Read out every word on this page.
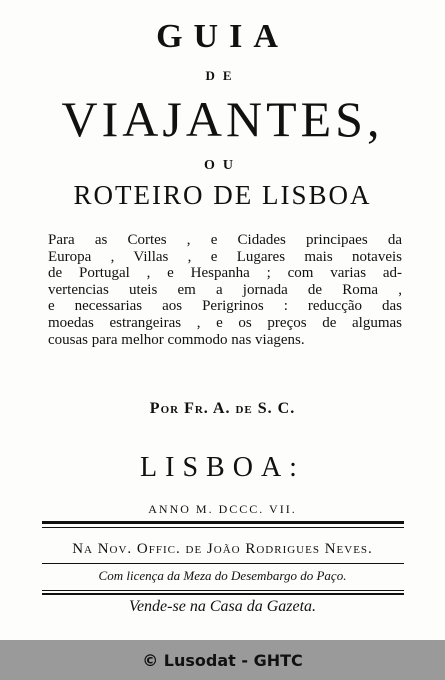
GUIA
DE
VIAJANTES,
OU
ROTEIRO DE LISBOA
Para as Cortes , e Cidades principaes da
Europa , Villas , e Lugares mais notaveis
de Portugal , e Hespanha ; com varias ad-
vertencias uteis em a jornada de Roma ,
e necessarias aos Perigrinos : reducção das
moedas estrangeiras , e os preços de algumas
cousas para melhor commodo nas viagens.
Por Fr. A. de S. C.
LISBOA:
ANNO M. DCCC. VII.
Na Nov. Offic. de João Rodrigues Neves.
Com licença da Meza do Desembargo do Paço.
Vende-se na Casa da Gazeta.
© Lusodat - GHTC
